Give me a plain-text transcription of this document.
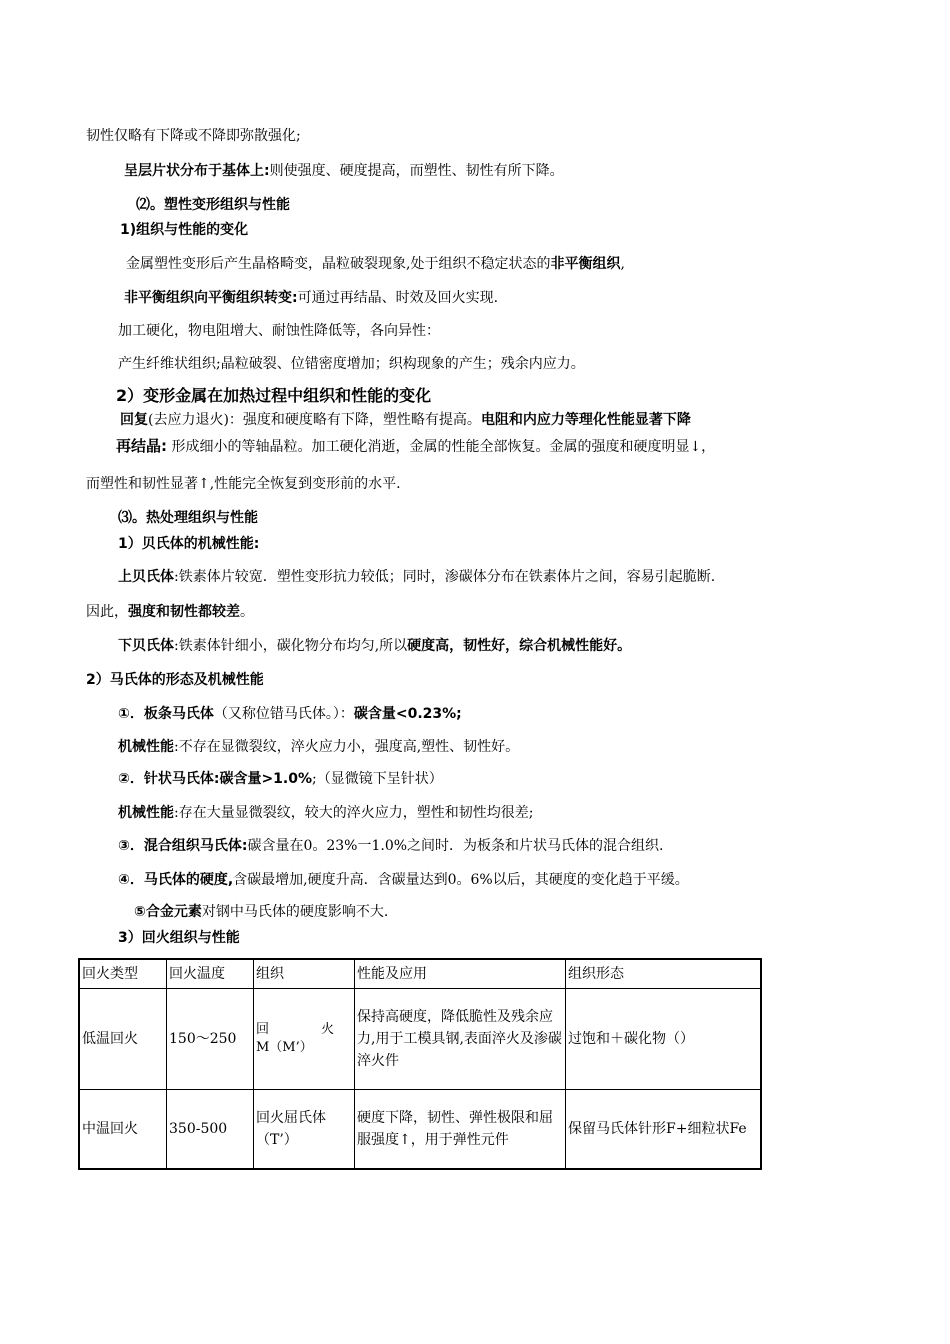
韧性仅略有下降或不降即弥散强化;
呈层片状分布于基体上:则使强度、硬度提高，而塑性、韧性有所下降。
⑵。塑性变形组织与性能
1)组织与性能的变化
金属塑性变形后产生晶格畸变，晶粒破裂现象,处于组织不稳定状态的非平衡组织,
非平衡组织向平衡组织转变:可通过再结晶、时效及回火实现.
加工硬化，物电阻增大、耐蚀性降低等，各向异性：
产生纤维状组织;晶粒破裂、位错密度增加；织构现象的产生；残余内应力。
2）变形金属在加热过程中组织和性能的变化
回复(去应力退火)：强度和硬度略有下降，塑性略有提高。电阻和内应力等理化性能显著下降
再结晶: 形成细小的等轴晶粒。加工硬化消逝，金属的性能全部恢复。金属的强度和硬度明显↓，
而塑性和韧性显著↑,性能完全恢复到变形前的水平.
⑶。热处理组织与性能
1）贝氏体的机械性能:
上贝氏体:铁素体片较宽．塑性变形抗力较低；同时，渗碳体分布在铁素体片之间，容易引起脆断.
因此，强度和韧性都较差。
下贝氏体:铁素体针细小，碳化物分布均匀,所以硬度高，韧性好，综合机械性能好。
2）马氏体的形态及机械性能
①．板条马氏体（又称位错马氏体。）：碳含量<0.23%;
机械性能:不存在显微裂纹，淬火应力小，强度高,塑性、韧性好。
②．针状马氏体:碳含量>1.0%;（显微镜下呈针状）
机械性能:存在大量显微裂纹，较大的淬火应力，塑性和韧性均很差;
③．混合组织马氏体:碳含量在0。23%一1.0%之间时．为板条和片状马氏体的混合组织.
④．马氏体的硬度,含碳最增加,硬度升高．含碳量达到0。6%以后，其硬度的变化趋于平缓。
⑤合金元素对钢中马氏体的硬度影响不大.
3）回火组织与性能
回火类型	回火温度	组织	性能及应用	组织形态
低温回火	150～250	回　　　　火
M（M’）	保持高硬度，降低脆性及残余应力,用于工模具钢,表面淬火及渗碳淬火件	过饱和＋碳化物（）
中温回火	350-500	回火屈氏体
（T’）	硬度下降，韧性、弹性极限和屈服强度↑，用于弹性元件	保留马氏体针形F+细粒状Fe
